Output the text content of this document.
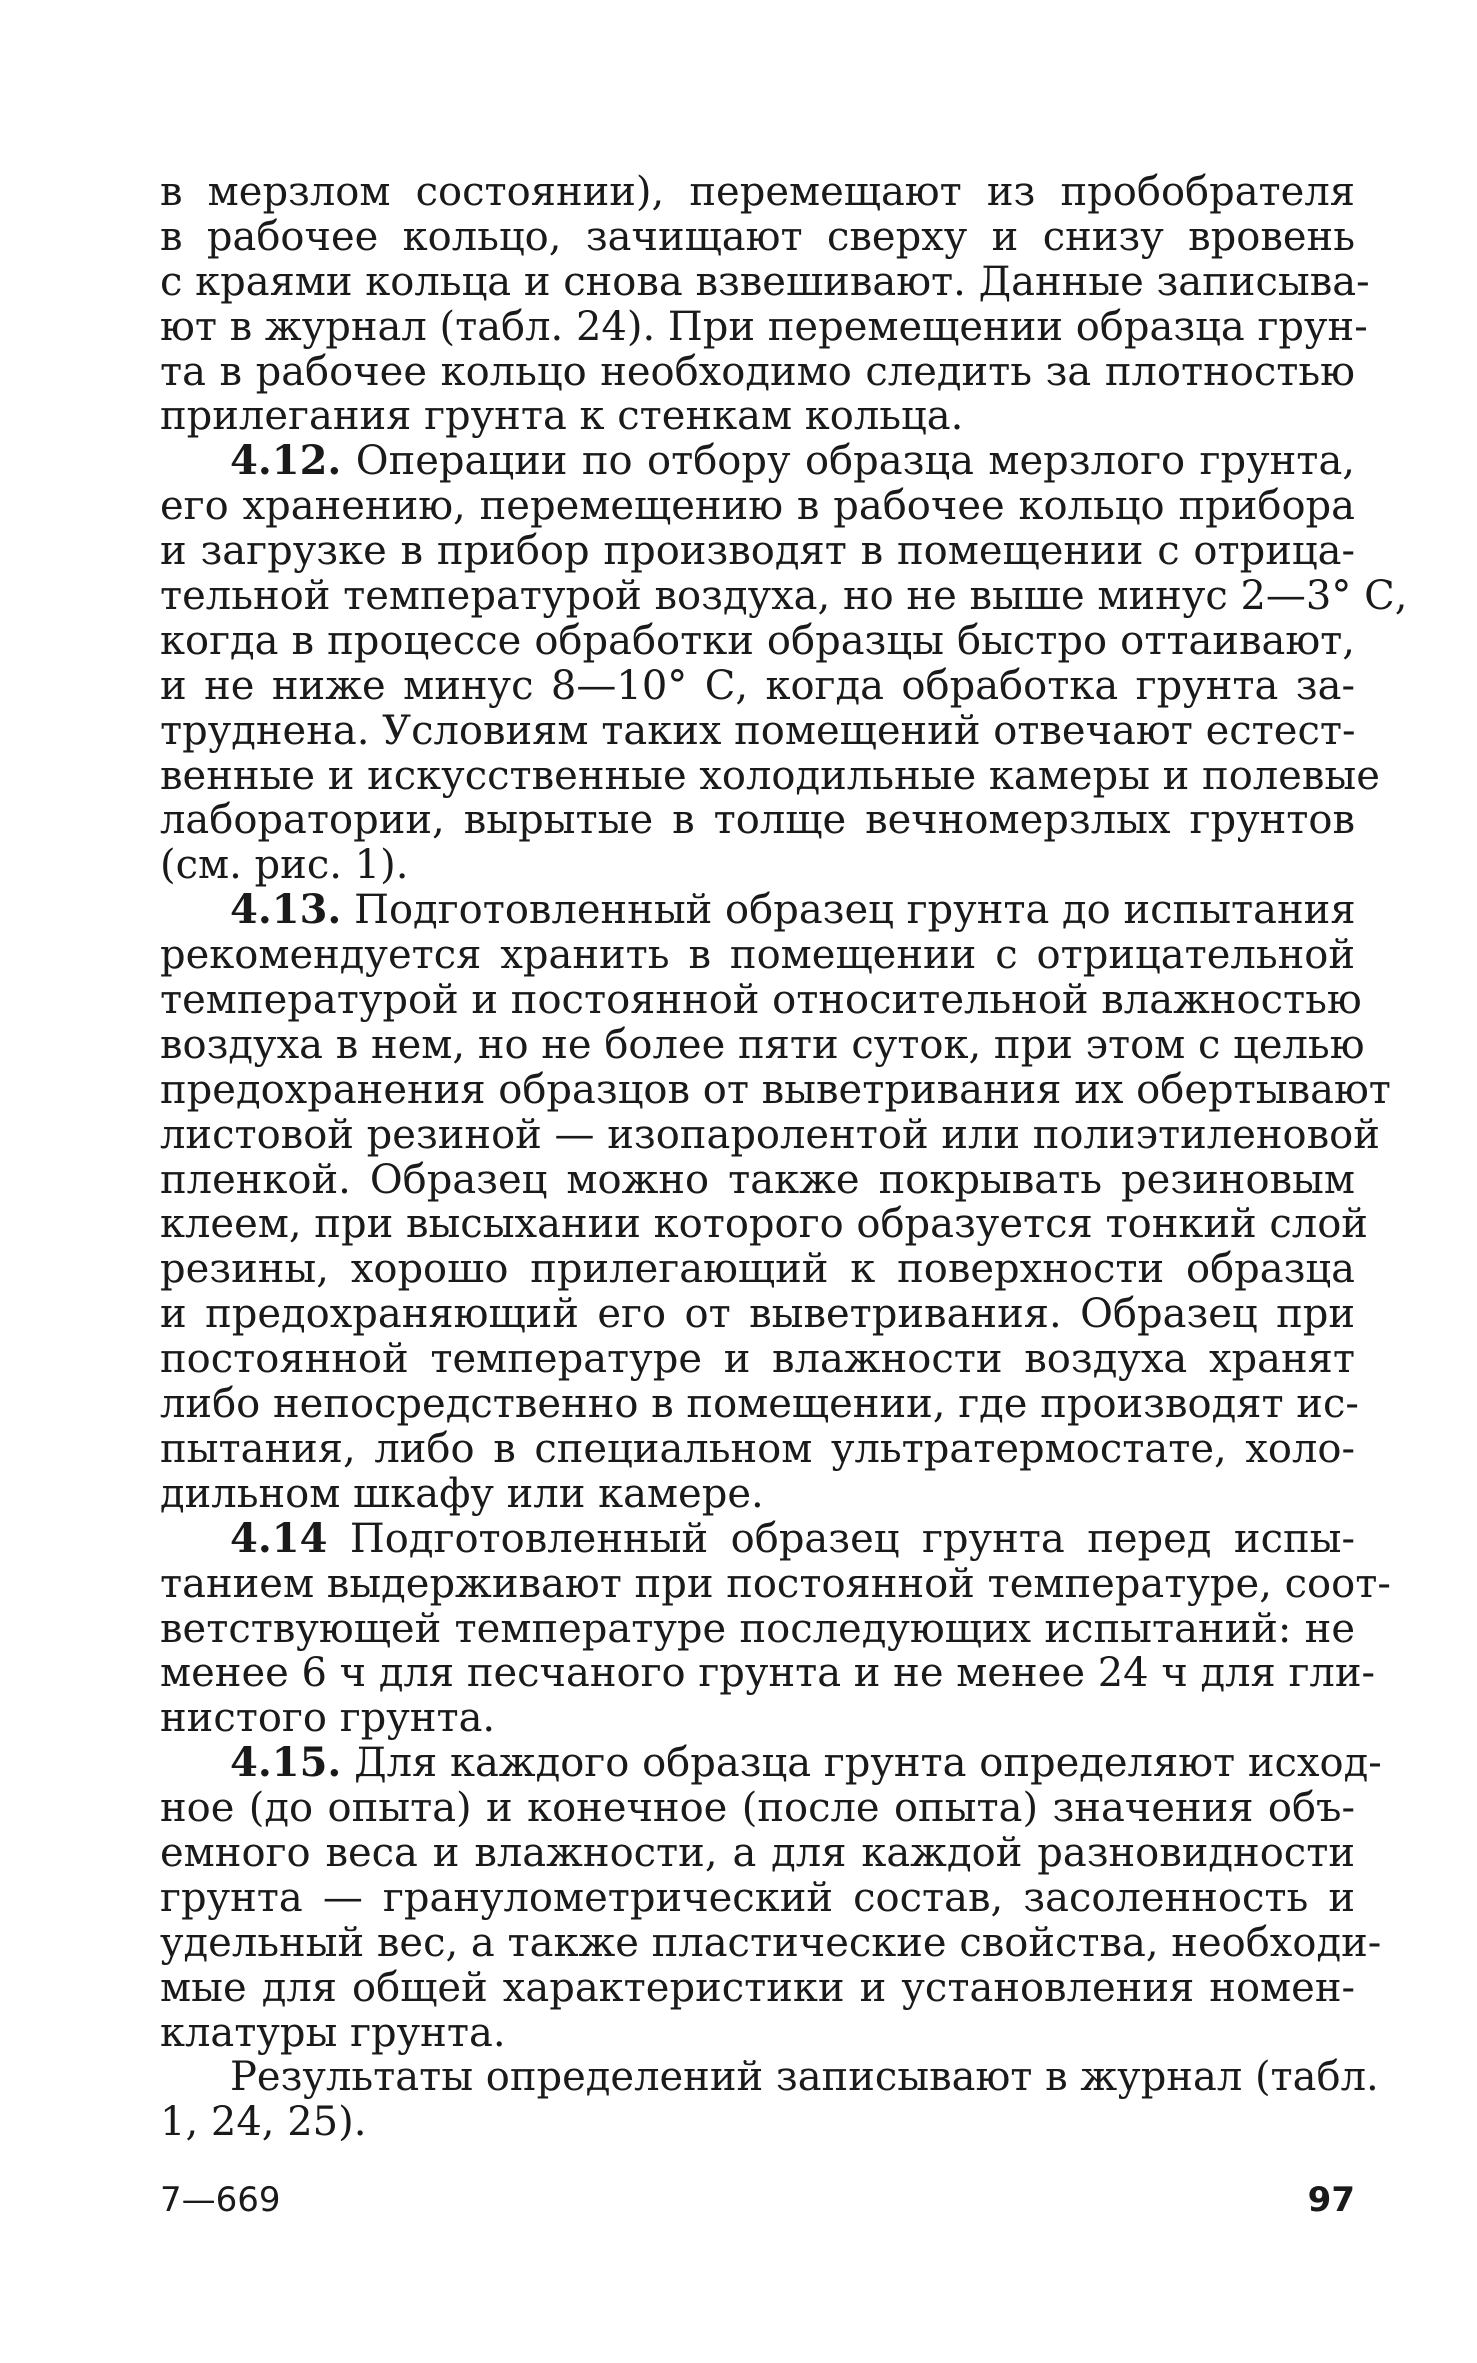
в мерзлом состоянии), перемещают из пробобрателя
в рабочее кольцо, зачищают сверху и снизу вровень
с краями кольца и снова взвешивают. Данные записыва-
ют в журнал (табл. 24). При перемещении образца грун-
та в рабочее кольцо необходимо следить за плотностью
прилегания грунта к стенкам кольца.
4.12. Операции по отбору образца мерзлого грунта,
его хранению, перемещению в рабочее кольцо прибора
и загрузке в прибор производят в помещении с отрица-
тельной температурой воздуха, но не выше минус 2—3° С,
когда в процессе обработки образцы быстро оттаивают,
и не ниже минус 8—10° С, когда обработка грунта за-
труднена. Условиям таких помещений отвечают естест-
венные и искусственные холодильные камеры и полевые
лаборатории, вырытые в толще вечномерзлых грунтов
(см. рис. 1).
4.13. Подготовленный образец грунта до испытания
рекомендуется хранить в помещении с отрицательной
температурой и постоянной относительной влажностью
воздуха в нем, но не более пяти суток, при этом с целью
предохранения образцов от выветривания их обертывают
листовой резиной — изопаролентой или полиэтиленовой
пленкой. Образец можно также покрывать резиновым
клеем, при высыхании которого образуется тонкий слой
резины, хорошо прилегающий к поверхности образца
и предохраняющий его от выветривания. Образец при
постоянной температуре и влажности воздуха хранят
либо непосредственно в помещении, где производят ис-
пытания, либо в специальном ультратермостате, холо-
дильном шкафу или камере.
4.14 Подготовленный образец грунта перед испы-
танием выдерживают при постоянной температуре, соот-
ветствующей температуре последующих испытаний: не
менее 6 ч для песчаного грунта и не менее 24 ч для гли-
нистого грунта.
4.15. Для каждого образца грунта определяют исход-
ное (до опыта) и конечное (после опыта) значения объ-
емного веса и влажности, а для каждой разновидности
грунта — гранулометрический состав, засоленность и
удельный вес, а также пластические свойства, необходи-
мые для общей характеристики и установления номен-
клатуры грунта.
Результаты определений записывают в журнал (табл.
1, 24, 25).
7—669	97
